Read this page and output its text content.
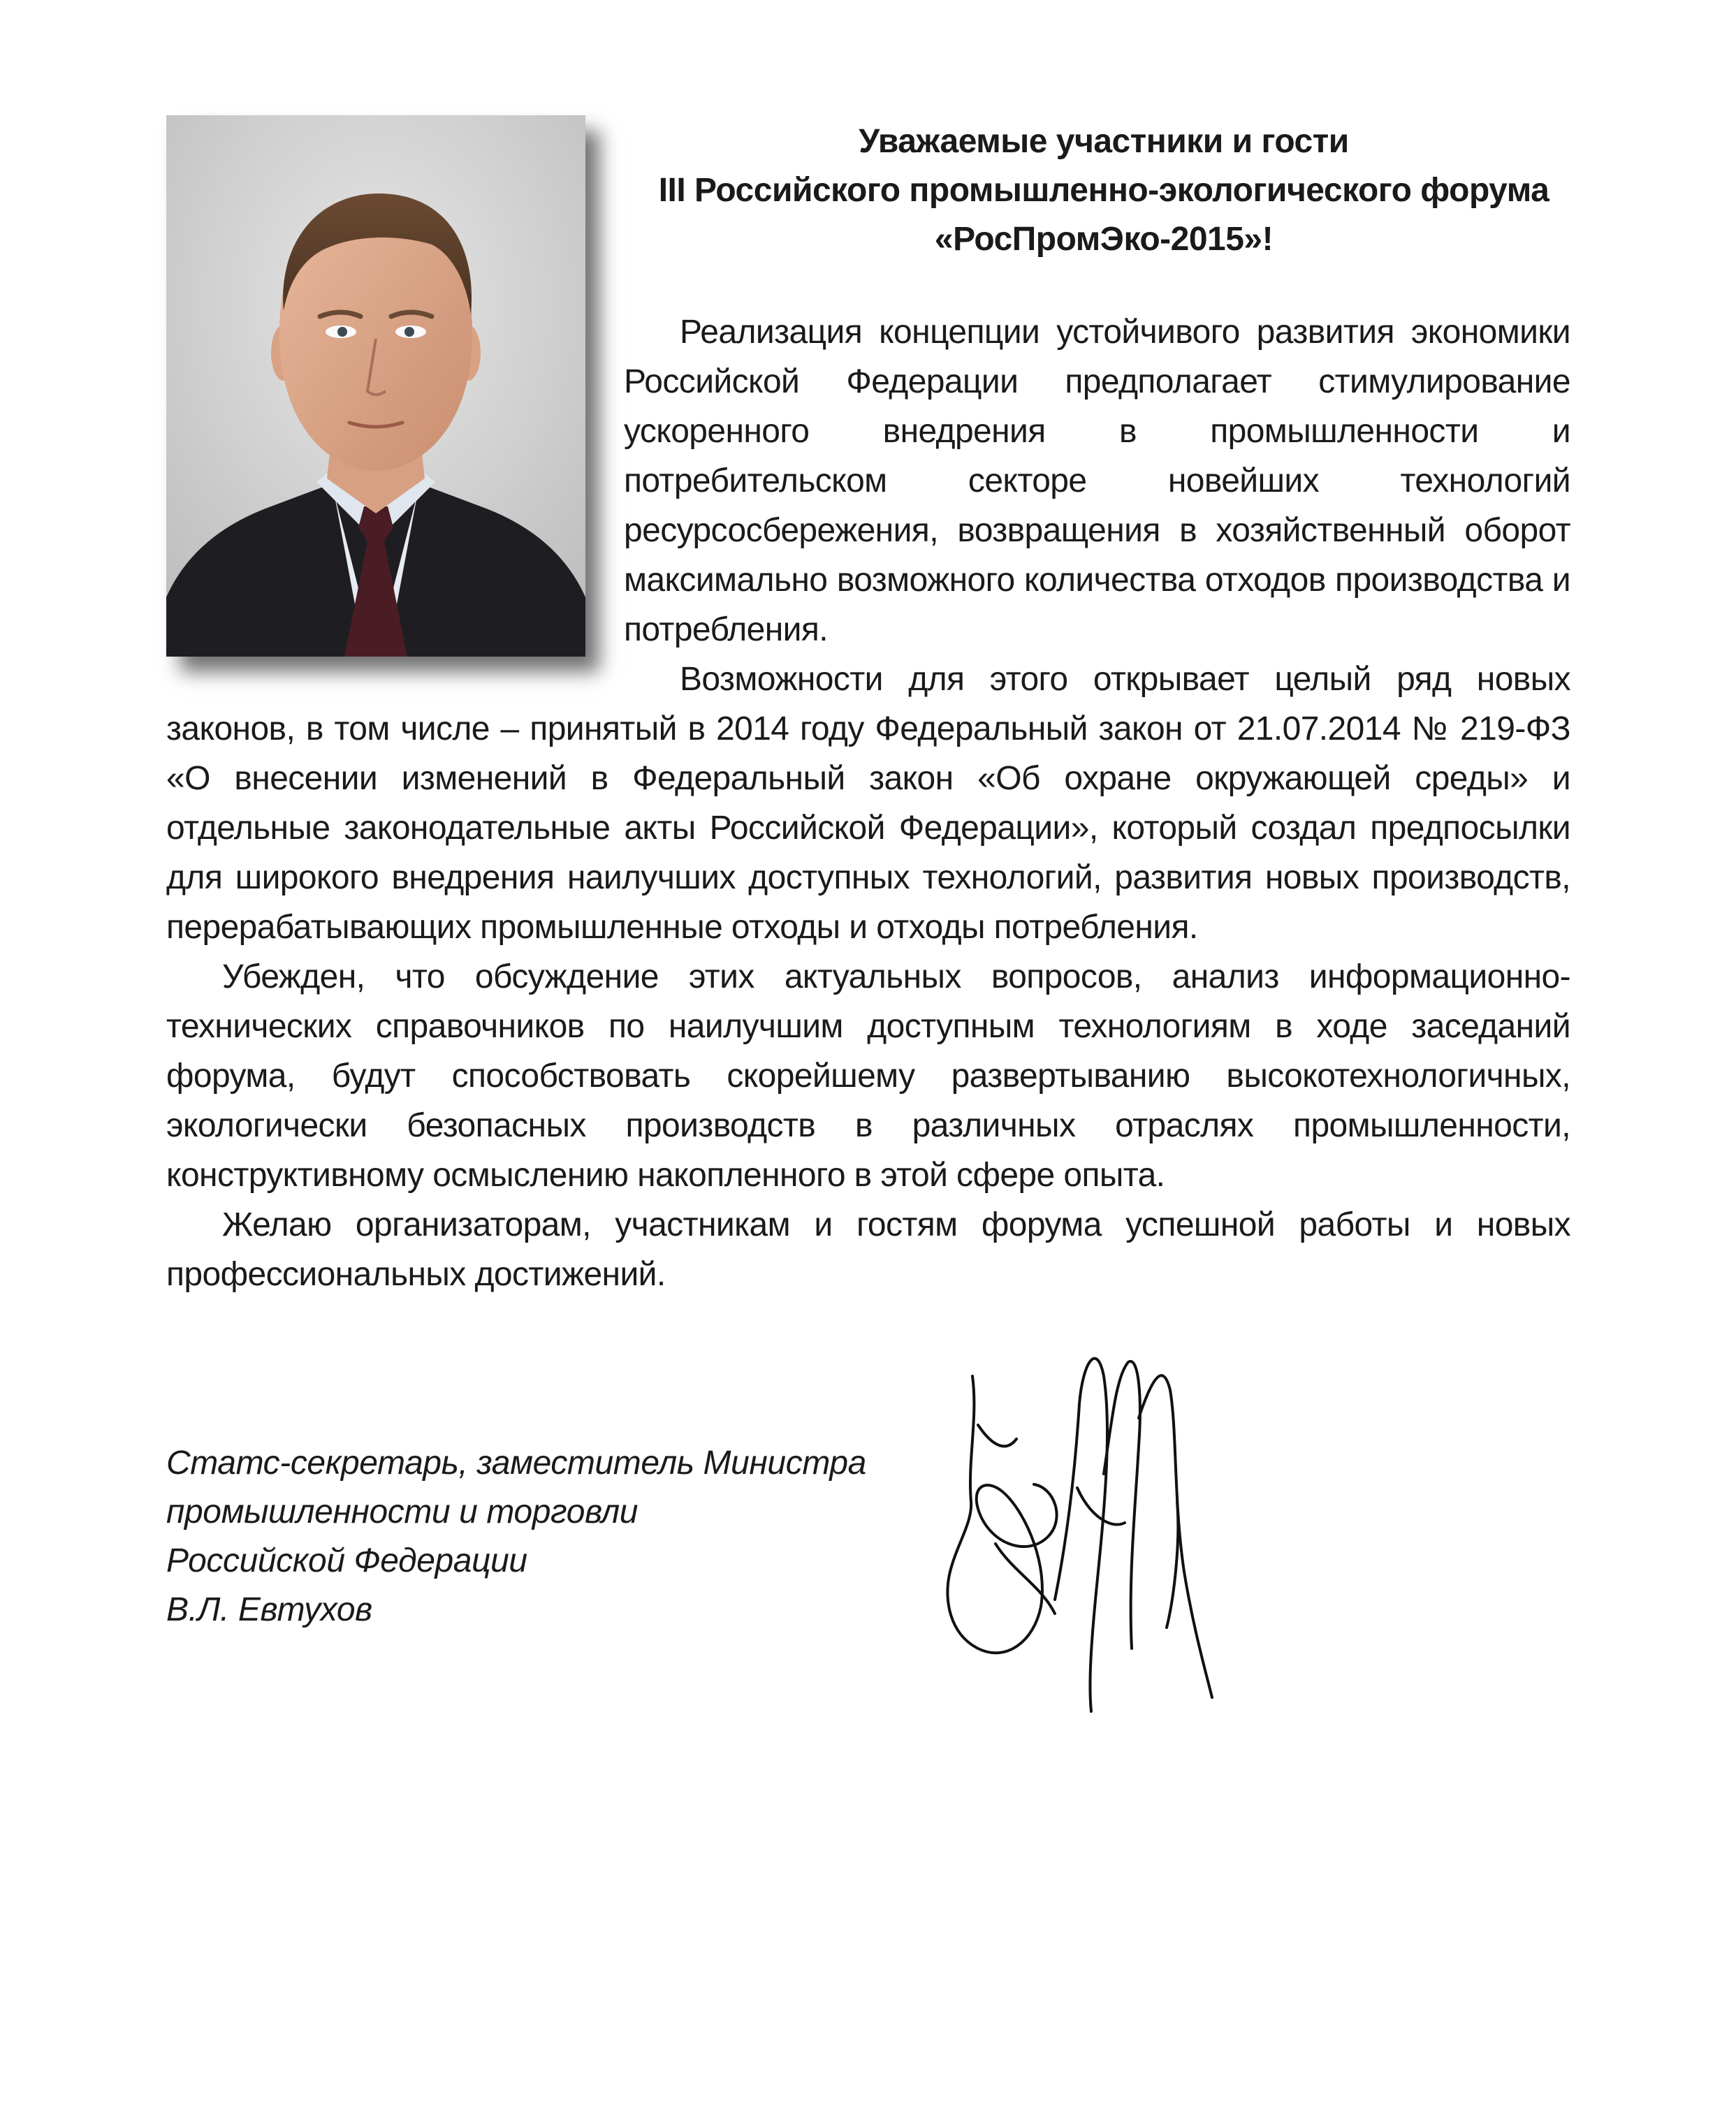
Уважаемые участники и гости
III Российского промышленно-экологического форума
«РосПромЭко-2015»!

Реализация концепции устойчивого развития экономики Российской Федерации предполагает стимулирование ускоренного внедрения в промышленности и потребительском секторе новейших технологий ресурсосбережения, возвращения в хозяйственный оборот максимально возможного количества отходов производства и потребления.

Возможности для этого открывает целый ряд новых законов, в том числе – принятый в 2014 году Федеральный закон от 21.07.2014 № 219-ФЗ «О внесении изменений в Федеральный закон «Об охране окружающей среды» и отдельные законодательные акты Российской Федерации», который создал предпосылки для широкого внедрения наилучших доступных технологий, развития новых производств, перерабатывающих промышленные отходы и отходы потребления.

Убежден, что обсуждение этих актуальных вопросов, анализ информационно-технических справочников по наилучшим доступным технологиям в ходе заседаний форума, будут способствовать скорейшему развертыванию высокотехнологичных, экологически безопасных производств в различных отраслях промышленности, конструктивному осмыслению накопленного в этой сфере опыта.

Желаю организаторам, участникам и гостям форума успешной работы и новых профессиональных достижений.

Статс-секретарь, заместитель Министра
промышленности и торговли
Российской Федерации
В.Л. Евтухов
